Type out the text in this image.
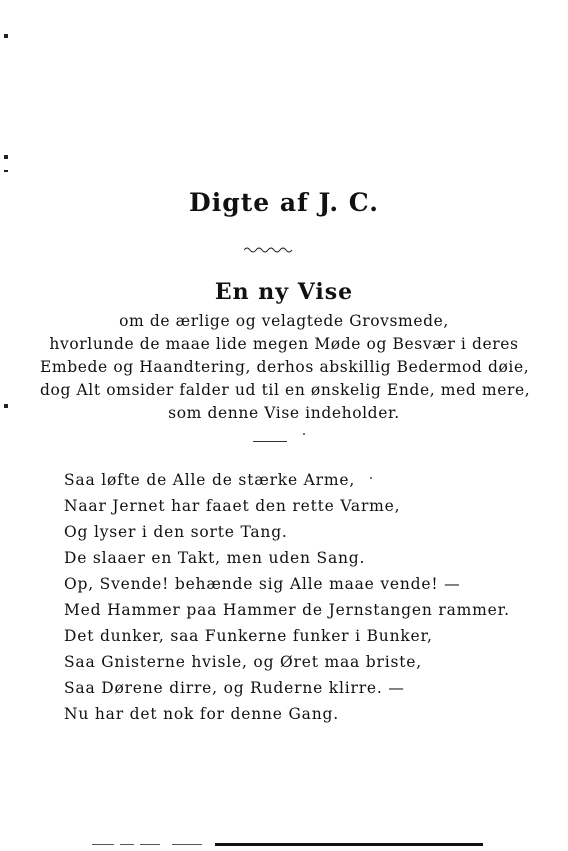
Digte af J. C.
En ny Vise
om de ærlige og velagtede Grovsmede,
hvorlunde de maae lide megen Møde og Besvær i deres
Embede og Haandtering, derhos abskillig Bedermod døie,
dog Alt omsider falder ud til en ønskelig Ende, med mere,
som denne Vise indeholder.
Saa løfte de Alle de stærke Arme,
Naar Jernet har faaet den rette Varme,
Og lyser i den sorte Tang.
De slaaer en Takt, men uden Sang.
Op, Svende! behænde sig Alle maae vende! —
Med Hammer paa Hammer de Jernstangen rammer.
Det dunker, saa Funkerne funker i Bunker,
Saa Gnisterne hvisle, og Øret maa briste,
Saa Dørene dirre, og Ruderne klirre. —
Nu har det nok for denne Gang.
